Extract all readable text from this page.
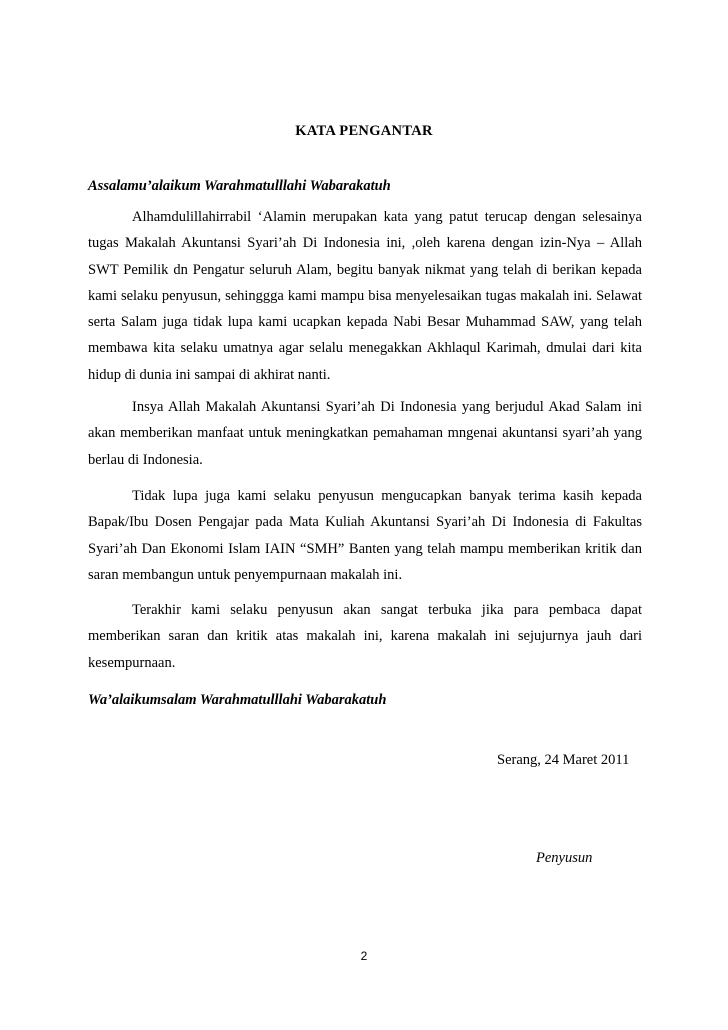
KATA PENGANTAR
Assalamu’alaikum Warahmatulllahi Wabarakatuh

Alhamdulillahirrabil ‘Alamin merupakan kata yang patut terucap dengan selesainya tugas Makalah Akuntansi Syari’ah Di Indonesia ini, ,oleh karena dengan izin-Nya – Allah SWT Pemilik dn Pengatur seluruh Alam, begitu banyak nikmat yang telah di berikan kepada kami selaku penyusun, sehinggga kami mampu bisa menyelesaikan tugas makalah ini. Selawat serta Salam juga tidak lupa kami ucapkan kepada Nabi Besar Muhammad SAW, yang telah membawa kita selaku umatnya agar selalu menegakkan Akhlaqul Karimah, dmulai dari kita hidup di dunia ini sampai di akhirat nanti.

Insya Allah Makalah Akuntansi Syari’ah Di Indonesia yang berjudul Akad Salam ini akan memberikan manfaat untuk meningkatkan pemahaman mngenai akuntansi syari’ah yang berlau di Indonesia.

Tidak lupa juga kami selaku penyusun mengucapkan banyak terima kasih kepada Bapak/Ibu Dosen Pengajar pada Mata Kuliah Akuntansi Syari’ah Di Indonesia di Fakultas Syari’ah Dan Ekonomi Islam IAIN “SMH” Banten yang telah mampu memberikan kritik dan saran membangun untuk penyempurnaan makalah ini.

Terakhir kami selaku penyusun akan sangat terbuka jika para pembaca dapat memberikan saran dan kritik atas makalah ini, karena makalah ini sejujurnya jauh dari kesempurnaan.

Wa’alaikumsalam Warahmatulllahi Wabarakatuh
Serang, 24 Maret 2011
Penyusun
2
